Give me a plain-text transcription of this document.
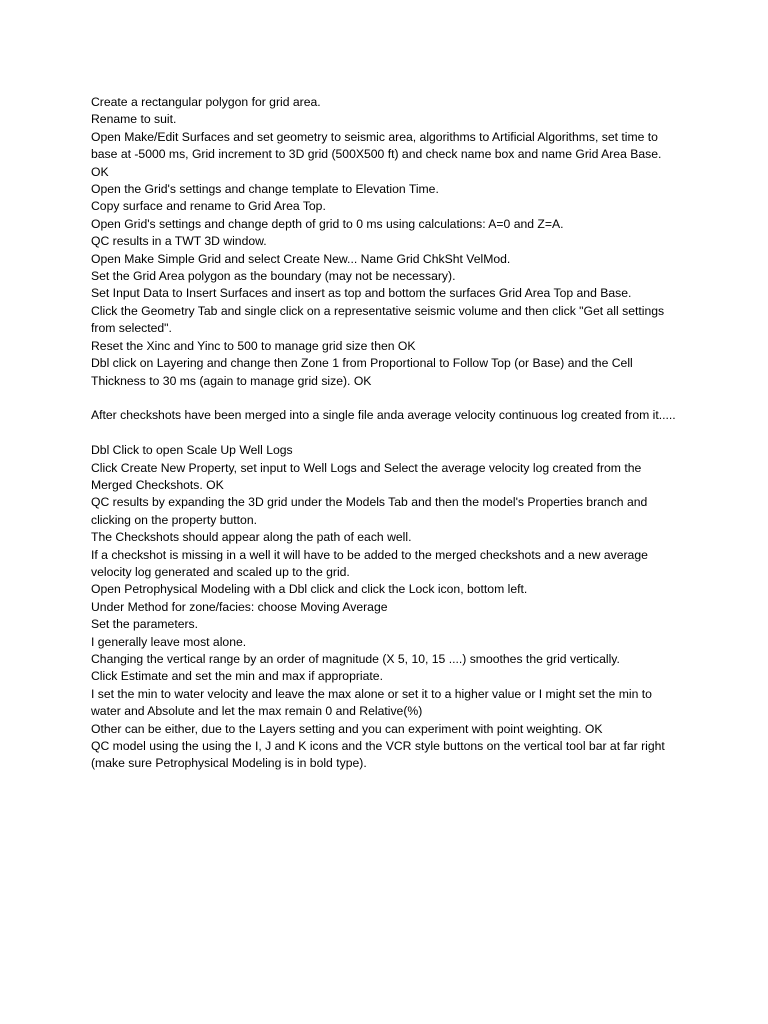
Create a rectangular polygon for grid area.

Rename to suit.

Open Make/Edit Surfaces and set geometry to seismic area, algorithms to Artificial Algorithms, set time to base at -5000 ms, Grid increment to 3D grid (500X500 ft) and check name box and name Grid Area Base. OK

Open the Grid's settings and change template to Elevation Time.

Copy surface and rename to Grid Area Top.

Open Grid's settings and change depth of grid to 0 ms using calculations: A=0 and Z=A.

QC results in a TWT 3D window.

Open Make Simple Grid and select Create New... Name Grid ChkSht VelMod.

Set the Grid Area polygon as the boundary (may not be necessary).

Set Input Data to Insert Surfaces and insert as top and bottom the surfaces Grid Area Top and Base.

Click the Geometry Tab and single click on a representative seismic volume and then click "Get all settings from selected".

Reset the Xinc and Yinc to 500 to manage grid size then OK

Dbl click on Layering and change then Zone 1 from Proportional to Follow Top (or Base) and the Cell Thickness to 30 ms (again to manage grid size). OK

After checkshots have been merged into a single file anda average velocity continuous log created from it.....

Dbl Click to open Scale Up Well Logs

Click Create New Property, set input to Well Logs and Select the average velocity log created from the Merged Checkshots. OK

QC results by expanding the 3D grid under the Models Tab and then the model's Properties branch and clicking on the property button.

The Checkshots should appear along the path of each well.

If a checkshot is missing in a well it will have to be added to the merged checkshots and a new average velocity log generated and scaled up to the grid.

Open Petrophysical Modeling with a Dbl click and click the Lock icon, bottom left.

Under Method for zone/facies: choose Moving Average

Set the parameters.

I generally leave most alone.

Changing the vertical range by an order of magnitude (X 5, 10, 15 ....) smoothes the grid vertically.

Click Estimate and set the min and max if appropriate.

I set the min to water velocity and leave the max alone or set it to a higher value or I might set the min to water and Absolute and let the max remain 0 and Relative(%)

Other can be either, due to the Layers setting and you can experiment with point weighting. OK

QC model using the using the I, J and K icons and the VCR style buttons on the vertical tool bar at far right (make sure Petrophysical Modeling is in bold type).
